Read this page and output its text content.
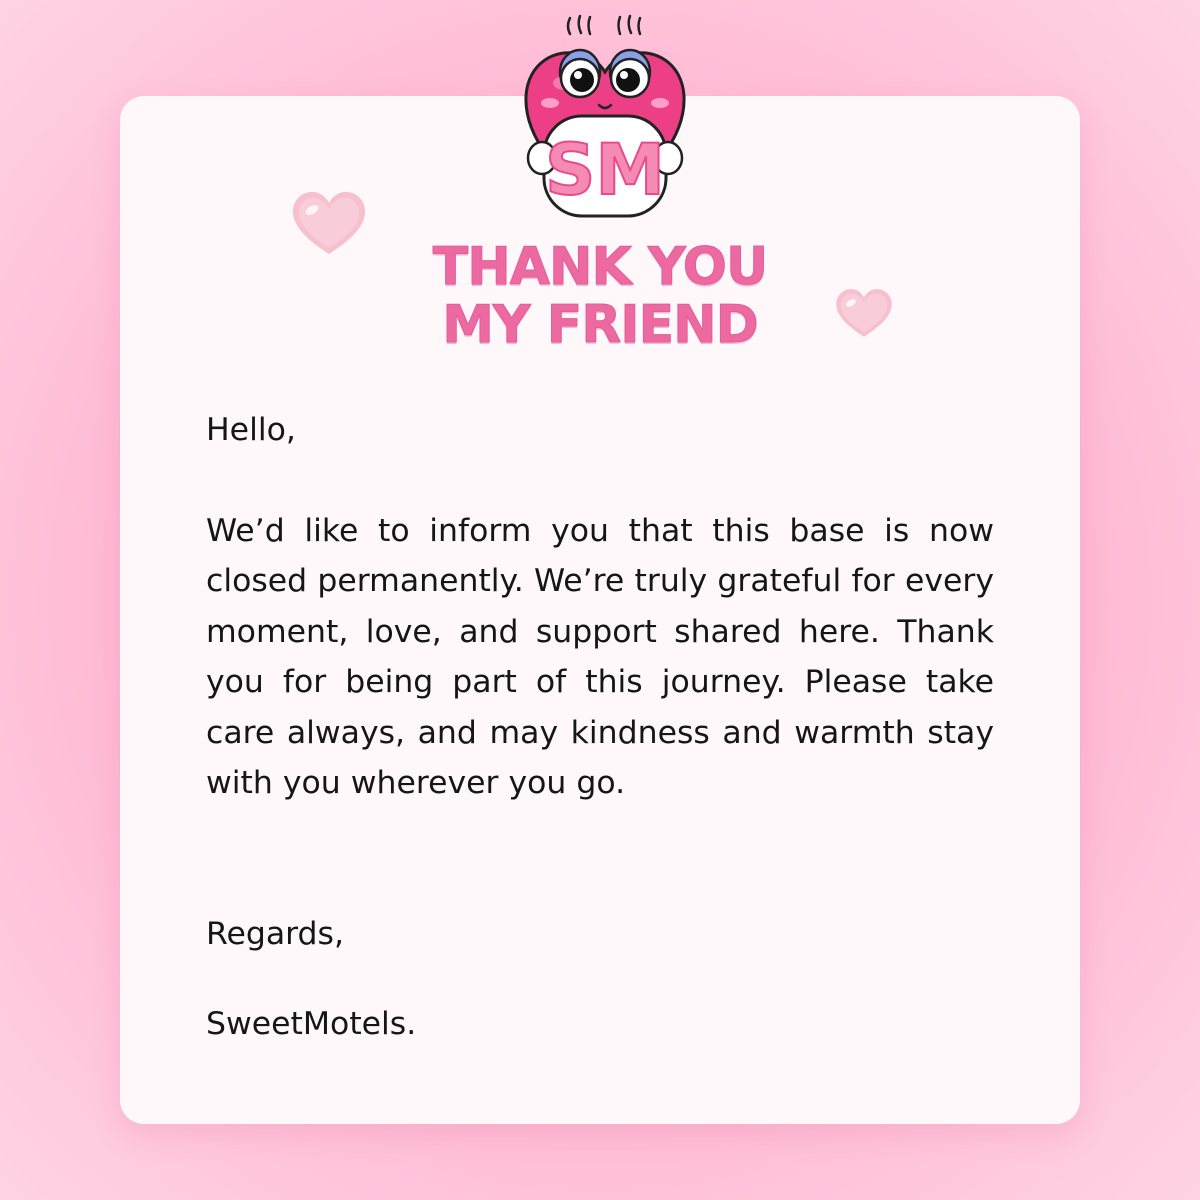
SM
THANK YOU
MY FRIEND

Hello,

We’d like to inform you that this base is now closed permanently. We’re truly grateful for every moment, love, and support shared here. Thank you for being part of this journey. Please take care always, and may kindness and warmth stay with you wherever you go.

Regards,

SweetMotels.
